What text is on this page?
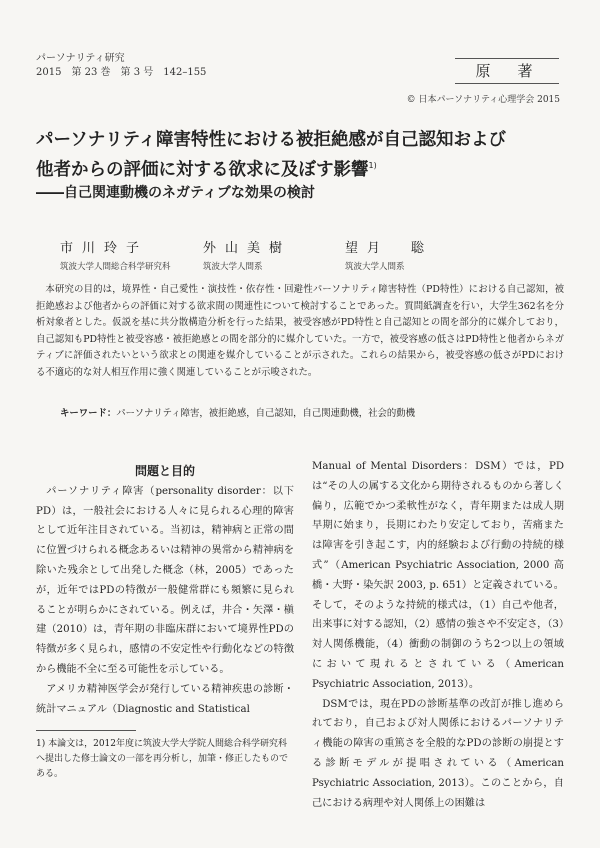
パーソナリティ研究
2015　第 23 巻　第 3 号　142–155	原　著
© 日本パーソナリティ心理学会 2015
パーソナリティ障害特性における被拒絶感が自己認知および
他者からの評価に対する欲求に及ぼす影響$^{1)}$
――自己関連動機のネガティブな効果の検討
市川玲子
筑波大学人間総合科学研究科
外山美樹
筑波大学人間系
望月　聡
筑波大学人間系
本研究の目的は，境界性・自己愛性・演技性・依存性・回避性パーソナリティ障害特性（PD特性）における自己認知，被拒絶感および他者からの評価に対する欲求間の関連性について検討することであった。質問紙調査を行い，大学生362名を分析対象者とした。仮説を基に共分散構造分析を行った結果，被受容感がPD特性と自己認知との間を部分的に媒介しており，自己認知もPD特性と被受容感・被拒絶感との間を部分的に媒介していた。一方で，被受容感の低さはPD特性と他者からネガティブに評価されたいという欲求との関連を媒介していることが示された。これらの結果から，被受容感の低さがPDにおける不適応的な対人相互作用に強く関連していることが示唆された。
キーワード：パーソナリティ障害，被拒絶感，自己認知，自己関連動機，社会的動機

問題と目的

パーソナリティ障害（personality disorder：以下PD）は，一般社会における人々に見られる心理的障害として近年注目されている。当初は，精神病と正常の間に位置づけられる概念あるいは精神の異常から精神病を除いた残余として出発した概念（林，2005）であったが，近年ではPDの特徴が一般健常群にも頻繁に見られることが明らかにされている。例えば，井合・矢澤・槇建（2010）は，青年期の非臨床群において境界性PDの特徴が多く見られ，感情の不安定性や行動化などの特徴から機能不全に至る可能性を示している。

アメリカ精神医学会が発行している精神疾患の診断・統計マニュアル（Diagnostic and Statistical

1) 本論文は，2012年度に筑波大学大学院人間総合科学研究科へ提出した修士論文の一部を再分析し，加筆・修正したものである。

Manual of Mental Disorders：DSM）では，PDは“その人の属する文化から期待されるものから著しく偏り，広範でかつ柔軟性がなく，青年期または成人期早期に始まり，長期にわたり安定しており，苦痛または障害を引き起こす，内的経験および行動の持続的様式”（American Psychiatric Association, 2000 高橋・大野・染矢訳 2003, p. 651）と定義されている。そして，そのような持続的様式は，（1）自己や他者，出来事に対する認知，（2）感情の強さや不安定さ，（3）対人関係機能，（4）衝動の制御のうち2つ以上の領域において現れるとされている（American Psychiatric Association, 2013）。

DSMでは，現在PDの診断基準の改訂が推し進められており，自己および対人関係におけるパーソナリティ機能の障害の重篤さを全般的なPDの診断の崩提とする診断モデルが提唱されている（American Psychiatric Association, 2013）。このことから，自己における病理や対人関係上の困難は
